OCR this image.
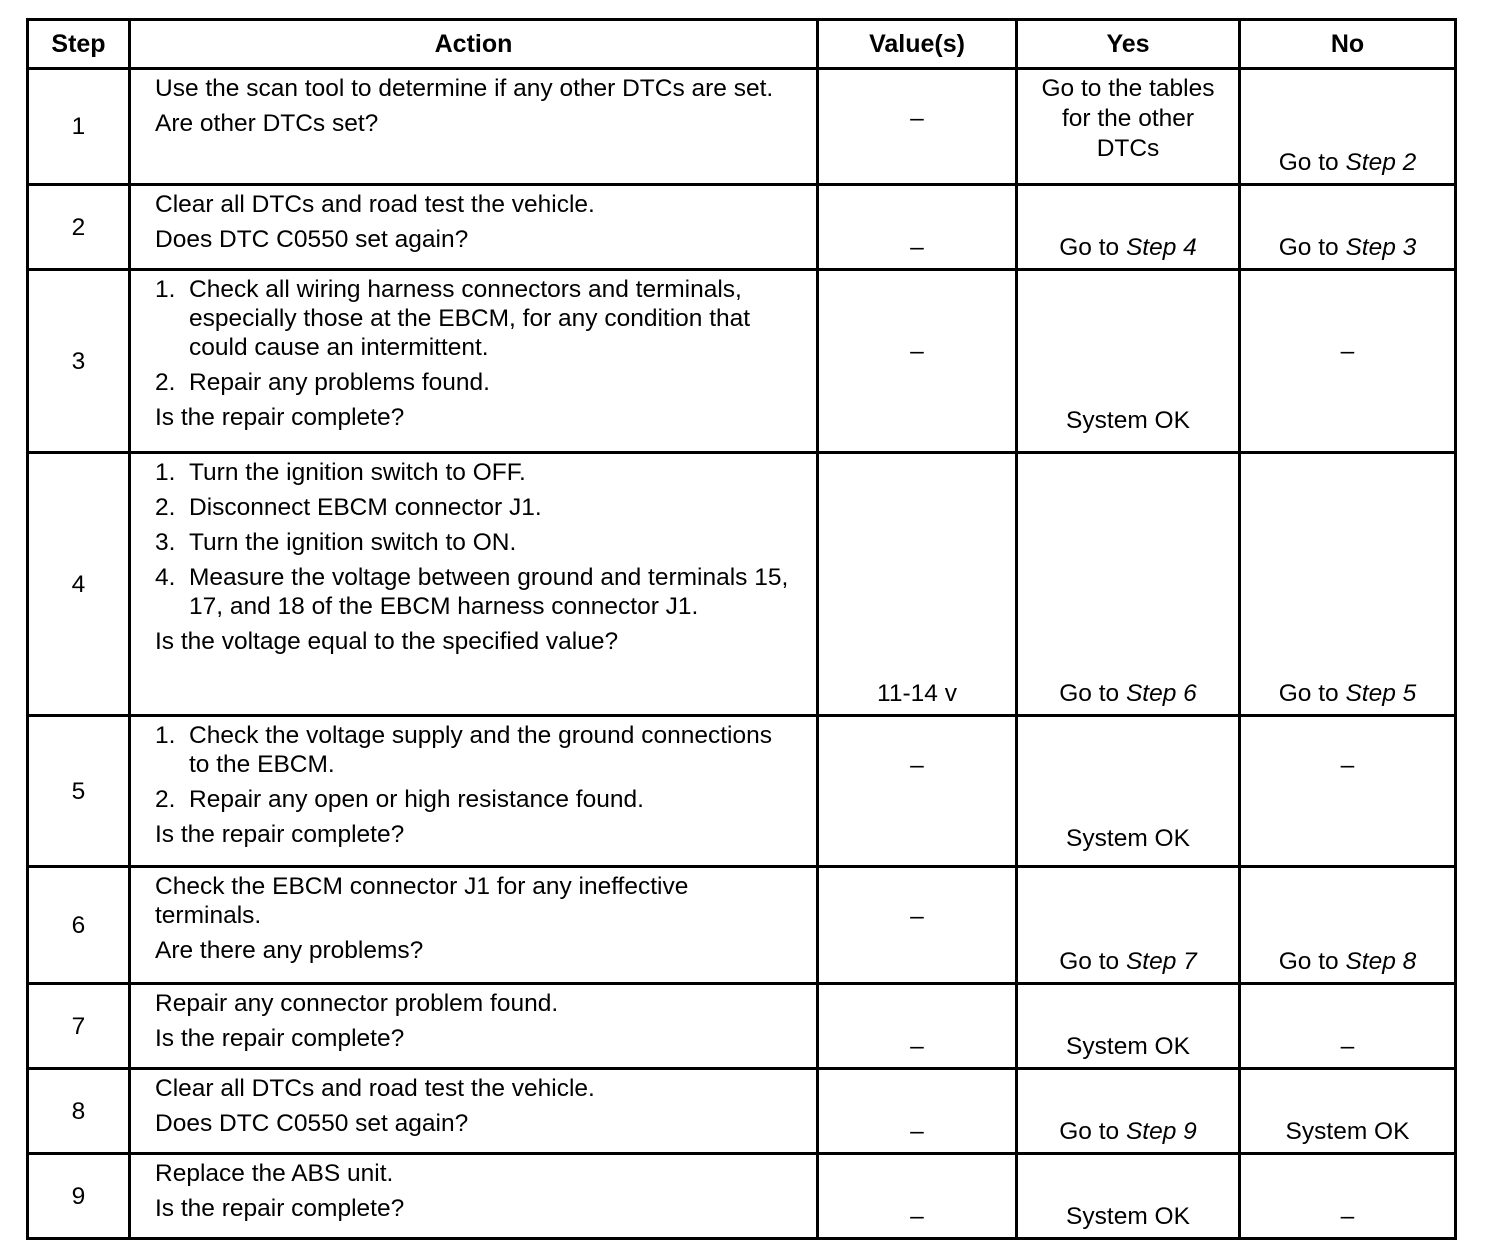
Step	Action	Value(s)	Yes	No
1	Use the scan tool to determine if any other DTCs are set.
Are other DTCs set?	–	Go to the tables for the other DTCs	Go to Step 2

2	Clear all DTCs and road test the vehicle.
Does DTC C0550 set again?	–	Go to Step 4	Go to Step 3

3	1. Check all wiring harness connectors and terminals, especially those at the EBCM, for any condition that could cause an intermittent.
2. Repair any problems found.
Is the repair complete?	–	System OK	–

4	1. Turn the ignition switch to OFF.
2. Disconnect EBCM connector J1.
3. Turn the ignition switch to ON.
4. Measure the voltage between ground and terminals 15, 17, and 18 of the EBCM harness connector J1.
Is the voltage equal to the specified value?	11-14 v	Go to Step 6	Go to Step 5

5	1. Check the voltage supply and the ground connections to the EBCM.
2. Repair any open or high resistance found.
Is the repair complete?	–	System OK	–

6	Check the EBCM connector J1 for any ineffective terminals.
Are there any problems?	–	Go to Step 7	Go to Step 8

7	Repair any connector problem found.
Is the repair complete?	–	System OK	–

8	Clear all DTCs and road test the vehicle.
Does DTC C0550 set again?	–	Go to Step 9	System OK

9	Replace the ABS unit.
Is the repair complete?	–	System OK	–
